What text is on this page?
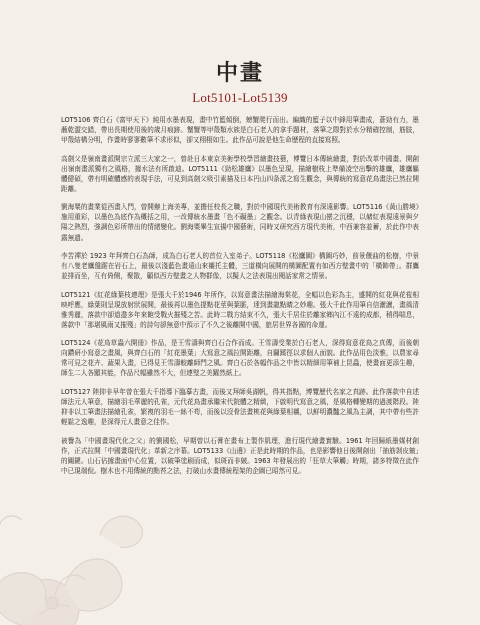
中畫
Lot5101-Lot5139

LOT5106 齊白石《富甲天下》純用水墨表現，畫中竹籃傾倒，螃蟹爬行而出。編織的籃子以中鋒用筆畫成，蒼勁有力，墨蘸乾澀交錯，帶出長期使用後的歲月痕跡。蟹蟹等甲殼類水族是白石老人的拿手題材，落筆之際對於水分精確控制，筋肢，甲殼結構分明，作畫時寥寥數筆不求形似，卻又栩栩如生。此作品可說是他生命歷程的直接寫照。

高劍父是嶺南畫派開宗立派三大家之一，曾赴日本東京美術學校學習繪畫技藝，博覽日本傳統繪畫，對於改革中國畫、開創出嶺南畫派獨有之風格，據水法有所啟迪。LOT5111《勁松雄鷹》以墨色呈現，描繪樹枝上準備凌空出擊的雄鷹，雄鷹軀體健碩，帶有明確體感的表現手法，可見到高劍父吸引素描及日本円山四条派之寫生觀念，與傳統的寫意花鳥畫法已然拉開距離。

劉海粟的畫業從西畫入門，曾開辦上海美專，並擔任校長之職，對於中國現代美術教育有深遠影響。LOT5116《黃山勝境》施用重彩，以墨色為底作為概括之用，一改傳統水墨畫「色不礙墨」之觀念。以青綠表現山巒之沉穩，以赭紅表現遠景與夕陽之熱烈，強調色彩所帶出的情緒變化。劉海粟畢生宣揚中國藝術，同時又研究西方現代美術，中西兼容並蓄，於此作中表露無遺。

李苦禪於 1923 年拜齊白石為師，成為白石老人的首位入室弟子。LOT5118《松鷹圖》構圖巧妙，前景偃曲的松樹，中景有八隻老鷹盤踞在岩石上，最後以淺藍色畫遠山來襯托主體，三道橫向展開的構圖配置有如西方壁畫中的「橫飾帶」。群鷹並排而坐，互有倚側，聚散，顧似西方壁畫之人物群像，以擬人之法表現出閱話家常之情景。

LOT5121《紅花綠葉枝連理》是張大千於1946 年所作，以寫意畫法描繪海棠花，全幅以色彩為主，盛開的紅花與花苞相映呼應，綠葉則呈現放射狀展開，最後再以墨色提點花莖與葉脈，達到畫龍點睛之妙趣。張大千此作用筆自信灑灑，畫風清雅秀麗，落款中卻道盡多年來飽受戰火摧殘之苦。此時二戰方結束不久，張大千居住於離家鄉內江不遠的成都，稍得喘息，落款中「那堪風雨又摧殘」的詩句卻無意中預示了不久之後離開中國，旅居世界各國的命運。

LOT5124《花鳥草蟲六開冊》作品，是王雪濤與齊白石合作而成。王雪濤受業於白石老人，深得寫意花鳥之真傳，而後朝向鑽研小寫意之畫風，與齊白石的「紅花墨葉」大寫意之風拉開距離，自闢蹊徑以求個人面貌。此作品用色淡雅，以農家尋常可見之花卉、蔬果入畫，已得見王雪濤較離師門之風。齊白石於各幅作品之中皆以精細用筆補上昆蟲，使畫面更添生趣，師生二人各顯其能，作品尺幅雖然不大，但連璧之美躍然紙上。

LOT5127 陸抑非早年曾在張大千指導下臨摹古畫，而後又拜師吳湖帆，得其指點，博覽歷代名家之真跡。此作落款中自述師法元人筆意，描繪羽毛華麗的孔雀，元代花鳥畫承繼宋代院體之精緻，下啟明代寫意之風，是風格轉變期的過渡階段。陸抑非以工筆畫法描繪孔雀，繁複的羽毛一絲不苟，而後以沒骨法畫桃花與綠葉相襯，以鮮明濃豔之風為主調，其中帶有些許輕鬆之逸趣，是深得元人畫意之佳作。

被譽為「中國畫現代化之父」的劉國松，早期曾以石膏在畫布上製作肌理，進行現代繪畫實驗。1961 年回歸紙墨媒材創作，正式拉開「中國畫現代化」革新之序幕。LOT5133《山邊》正是此時期的作品，也是影響他日後開創出「抽筋剝皮皴」的關鍵。山石佔據畫面中心位置，以破筆塗刷而成，似斑而非皴。1963 年發展出的「狂草大筆觸」時期，諸多特徵在此作中已現端倪。樹木也不用傳統的點苔之法，打破山水畫傳統程架的企圖已昭然可見。
